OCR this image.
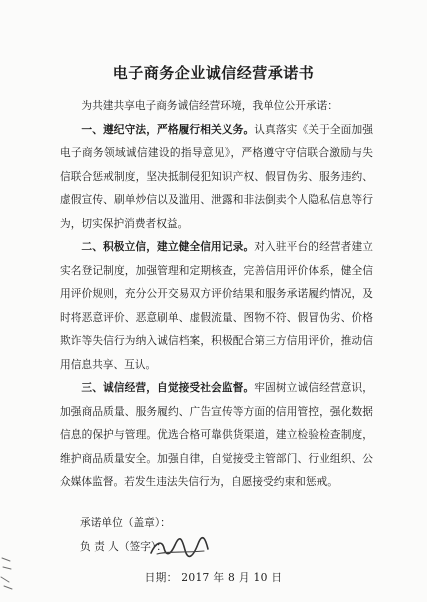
电子商务企业诚信经营承诺书

为共建共享电子商务诚信经营环境，我单位公开承诺：

一、遵纪守法，严格履行相关义务。认真落实《关于全面加强电子商务领域诚信建设的指导意见》，严格遵守守信联合激励与失信联合惩戒制度，坚决抵制侵犯知识产权、假冒伪劣、服务违约、虚假宣传、刷单炒信以及滥用、泄露和非法倒卖个人隐私信息等行为，切实保护消费者权益。

二、积极立信，建立健全信用记录。对入驻平台的经营者建立实名登记制度，加强管理和定期核查，完善信用评价体系，健全信用评价规则，充分公开交易双方评价结果和服务承诺履约情况，及时将恶意评价、恶意刷单、虚假流量、图物不符、假冒伪劣、价格欺诈等失信行为纳入诚信档案，积极配合第三方信用评价，推动信用信息共享、互认。

三、诚信经营，自觉接受社会监督。牢固树立诚信经营意识，加强商品质量、服务履约、广告宣传等方面的信用管控，强化数据信息的保护与管理。优选合格可靠供货渠道，建立检验检查制度，维护商品质量安全。加强自律，自觉接受主管部门、行业组织、公众媒体监督。若发生违法失信行为，自愿接受约束和惩戒。

承诺单位（盖章）：

负 责 人（签字）：

日期： 2017 年 8 月 10 日
